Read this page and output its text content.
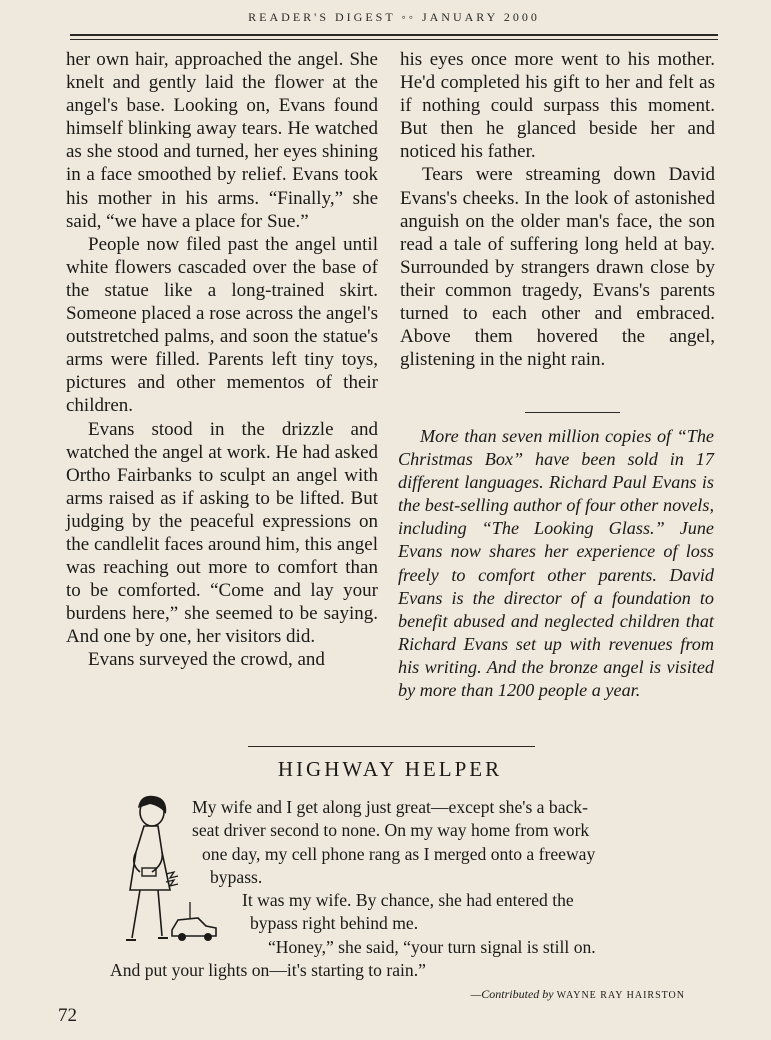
READER'S DIGEST ◦◦ JANUARY 2000

her own hair, approached the angel. She knelt and gently laid the flower at the angel's base. Looking on, Evans found himself blinking away tears. He watched as she stood and turned, her eyes shining in a face smoothed by relief. Evans took his mother in his arms. “Finally,” she said, “we have a place for Sue.”

People now filed past the angel until white flowers cascaded over the base of the statue like a long-trained skirt. Someone placed a rose across the angel's outstretched palms, and soon the statue's arms were filled. Parents left tiny toys, pictures and other mementos of their children.

Evans stood in the drizzle and watched the angel at work. He had asked Ortho Fairbanks to sculpt an angel with arms raised as if asking to be lifted. But judging by the peaceful expressions on the candlelit faces around him, this angel was reaching out more to comfort than to be comforted. “Come and lay your burdens here,” she seemed to be saying. And one by one, her visitors did.

Evans surveyed the crowd, and

his eyes once more went to his mother. He'd completed his gift to her and felt as if nothing could surpass this moment. But then he glanced beside her and noticed his father.

Tears were streaming down David Evans's cheeks. In the look of astonished anguish on the older man's face, the son read a tale of suffering long held at bay. Surrounded by strangers drawn close by their common tragedy, Evans's parents turned to each other and embraced. Above them hovered the angel, glistening in the night rain.

More than seven million copies of “The Christmas Box” have been sold in 17 different languages. Richard Paul Evans is the best-selling author of four other novels, including “The Looking Glass.” June Evans now shares her experience of loss freely to comfort other parents. David Evans is the director of a foundation to benefit abused and neglected children that Richard Evans set up with revenues from his writing. And the bronze angel is visited by more than 1200 people a year.

HIGHWAY HELPER
My wife and I get along just great—except she's a back-
seat driver second to none. On my way home from work
one day, my cell phone rang as I merged onto a freeway
bypass.
It was my wife. By chance, she had entered the
bypass right behind me.
“Honey,” she said, “your turn signal is still on.
And put your lights on—it's starting to rain.”
—Contributed by WAYNE RAY HAIRSTON
72
